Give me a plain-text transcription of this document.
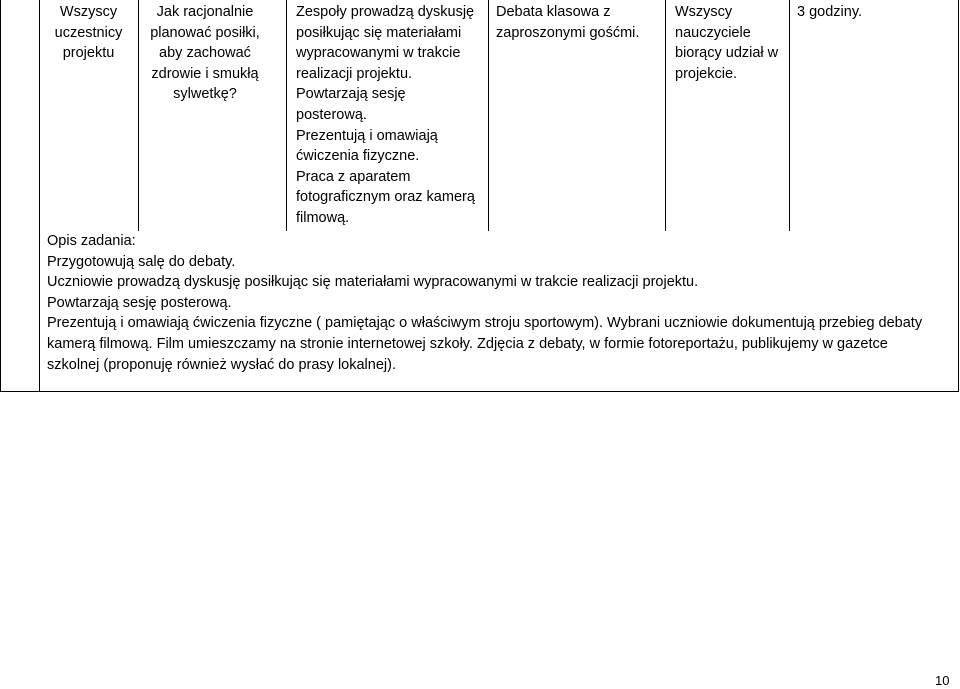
Wszyscy
uczestnicy
projektu
Jak racjonalnie
planować posiłki,
aby zachować
zdrowie i smukłą
sylwetkę?
Zespoły prowadzą dyskusję
posiłkując się materiałami
wypracowanymi w trakcie
realizacji projektu.
Powtarzają sesję
posterową.
Prezentują i omawiają
ćwiczenia fizyczne.
Praca z aparatem
fotograficznym oraz kamerą
filmową.
Debata klasowa z
zaproszonymi gośćmi.
Wszyscy
nauczyciele
biorący udział w
projekcie.
3 godziny.
Opis zadania:
Przygotowują salę do debaty.
Uczniowie prowadzą dyskusję posiłkując się materiałami wypracowanymi w trakcie realizacji projektu.
Powtarzają sesję posterową.
Prezentują i omawiają ćwiczenia fizyczne ( pamiętając o właściwym stroju sportowym). Wybrani uczniowie dokumentują przebieg debaty
kamerą filmową. Film umieszczamy na stronie internetowej szkoły. Zdjęcia z debaty, w formie fotoreportażu, publikujemy w gazetce
szkolnej (proponuję również wysłać do prasy lokalnej).
10
